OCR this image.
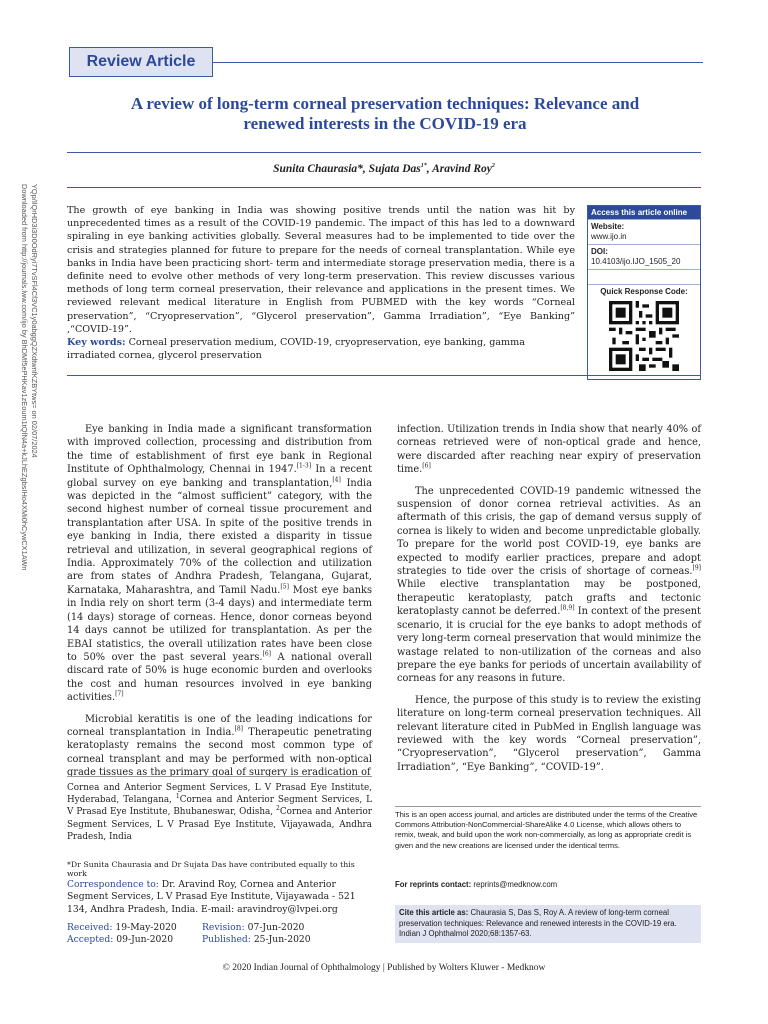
Review Article
A review of long-term corneal preservation techniques: Relevance and
renewed interests in the COVID-19 era
Sunita Chaurasia*, Sujata Das$^{1*}$, Aravind Roy$^2$
The growth of eye banking in India was showing positive trends until the nation was hit by unprecedented times as a result of the COVID-19 pandemic. The impact of this has led to a downward spiraling in eye banking activities globally. Several measures had to be implemented to tide over the crisis and strategies planned for future to prepare for the needs of corneal transplantation. While eye banks in India have been practicing short- term and intermediate storage preservation media, there is a definite need to evolve other methods of very long-term preservation. This review discusses various methods of long term corneal preservation, their relevance and applications in the present times. We reviewed relevant medical literature in English from PUBMED with the key words “Corneal preservation”, “Cryopreservation”, “Glycerol preservation”, Gamma Irradiation”, “Eye Banking” ,“COVID-19”.
Key words: Corneal preservation medium, COVID-19, cryopreservation, eye banking, gamma irradiated cornea, glycerol preservation
Access this article online
Website:
www.ijo.in
DOI:
10.4103/ijo.IJO_1505_20
Quick Response Code:

Eye banking in India made a significant transformation with improved collection, processing and distribution from the time of establishment of first eye bank in Regional Institute of Ophthalmology, Chennai in 1947.[1-3] In a recent global survey on eye banking and transplantation,[4] India was depicted in the “almost sufficient” category, with the second highest number of corneal tissue procurement and transplantation after USA. In spite of the positive trends in eye banking in India, there existed a disparity in tissue retrieval and utilization, in several geographical regions of India. Approximately 70% of the collection and utilization are from states of Andhra Pradesh, Telangana, Gujarat, Karnataka, Maharashtra, and Tamil Nadu.[5] Most eye banks in India rely on short term (3-4 days) and intermediate term (14 days) storage of corneas. Hence, donor corneas beyond 14 days cannot be utilized for transplantation. As per the EBAI statistics, the overall utilization rates have been close to 50% over the past several years.[6] A national overall discard rate of 50% is huge economic burden and overlooks the cost and human resources involved in eye banking activities.[7]

Microbial keratitis is one of the leading indications for corneal transplantation in India.[8] Therapeutic penetrating keratoplasty remains the second most common type of corneal transplant and may be performed with non-optical grade tissues as the primary goal of surgery is eradication of

infection. Utilization trends in India show that nearly 40% of corneas retrieved were of non-optical grade and hence, were discarded after reaching near expiry of preservation time.[6]

The unprecedented COVID-19 pandemic witnessed the suspension of donor cornea retrieval activities. As an aftermath of this crisis, the gap of demand versus supply of cornea is likely to widen and become unpredictable globally. To prepare for the world post COVID-19, eye banks are expected to modify earlier practices, prepare and adopt strategies to tide over the crisis of shortage of corneas.[9] While elective transplantation may be postponed, therapeutic keratoplasty, patch grafts and tectonic keratoplasty cannot be deferred.[8,9] In context of the present scenario, it is crucial for the eye banks to adopt methods of very long-term corneal preservation that would minimize the wastage related to non-utilization of the corneas and also prepare the eye banks for periods of uncertain availability of corneas for any reasons in future.

Hence, the purpose of this study is to review the existing literature on long-term corneal preservation techniques. All relevant literature cited in PubMed in English language was reviewed with the key words “Corneal preservation”, “Cryopreservation”, “Glycerol preservation”, Gamma Irradiation”, “Eye Banking”, “COVID-19”.

Cornea and Anterior Segment Services, L V Prasad Eye Institute, Hyderabad, Telangana, $^1$Cornea and Anterior Segment Services, L V Prasad Eye Institute, Bhubaneswar, Odisha, $^2$Cornea and Anterior Segment Services, L V Prasad Eye Institute, Vijayawada, Andhra Pradesh, India
*Dr Sunita Chaurasia and Dr Sujata Das have contributed equally to this work
Correspondence to: Dr. Aravind Roy, Cornea and Anterior Segment Services, L V Prasad Eye Institute, Vijayawada - 521 134, Andhra Pradesh, India. E-mail: aravindroy@lvpei.org
Received: 19-May-2020	Revision: 07-Jun-2020
Accepted: 09-Jun-2020	Published: 25-Jun-2020
This is an open access journal, and articles are distributed under the terms of the Creative Commons Attribution-NonCommercial-ShareAlike 4.0 License, which allows others to remix, tweak, and build upon the work non-commercially, as long as appropriate credit is given and the new creations are licensed under the identical terms.
For reprints contact: reprints@medknow.com
Cite this article as: Chaurasia S, Das S, Roy A. A review of long-term corneal preservation techniques: Relevance and renewed interests in the COVID-19 era. Indian J Ophthalmol 2020;68:1357-63.
© 2020 Indian Journal of Ophthalmology | Published by Wolters Kluwer - Medknow
Downloaded from http://journals.lww.com/ijo by BhDMf5ePHKav1zEoum1tQfN4a+kJLhEZgbsIHo4XMi0hCywCX1AWn YQp/IlQrHD3i3D0OdRyi7TvSFl4Cf3VC1y0abggQZXdtwnfKZBYtws= on 02/07/2024
